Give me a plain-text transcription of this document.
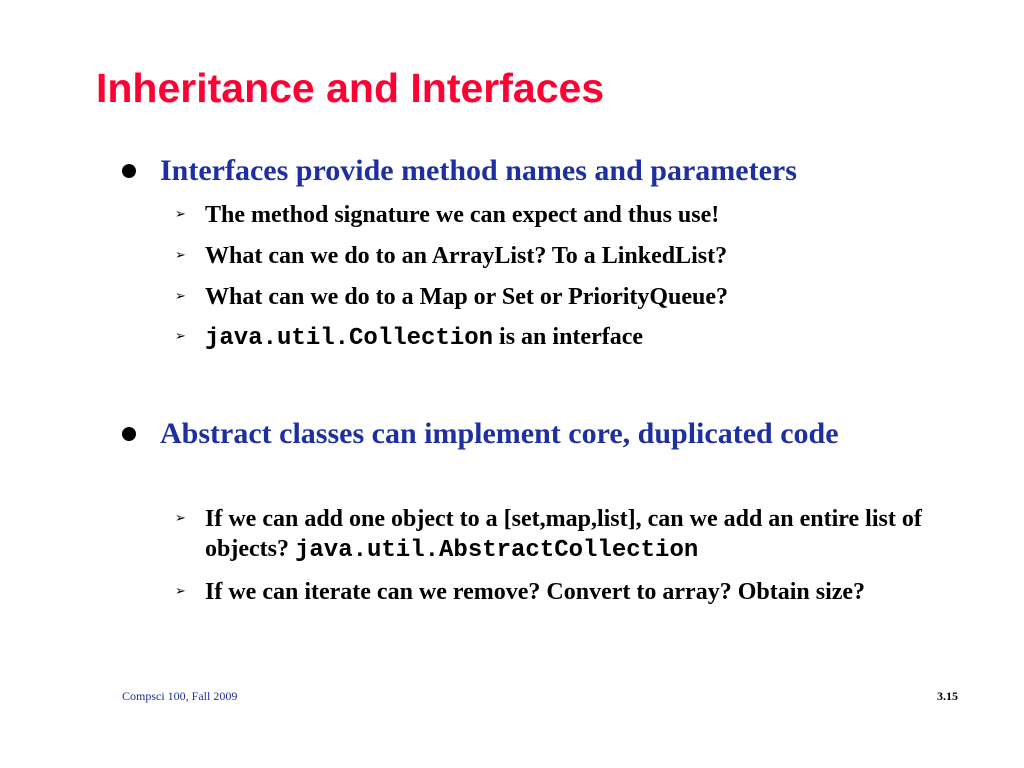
Inheritance and Interfaces
Interfaces provide method names and parameters
➢ The method signature we can expect and thus use!
➢ What can we do to an ArrayList? To a LinkedList?
➢ What can we do to a Map or Set or PriorityQueue?
➢ java.util.Collection is an interface
Abstract classes can implement core, duplicated code
➢ If we can add one object to a [set,map,list], can we add an entire list of objects? java.util.AbstractCollection
➢ If we can iterate can we remove? Convert to array? Obtain size?
Compsci 100, Fall 2009	3.15
